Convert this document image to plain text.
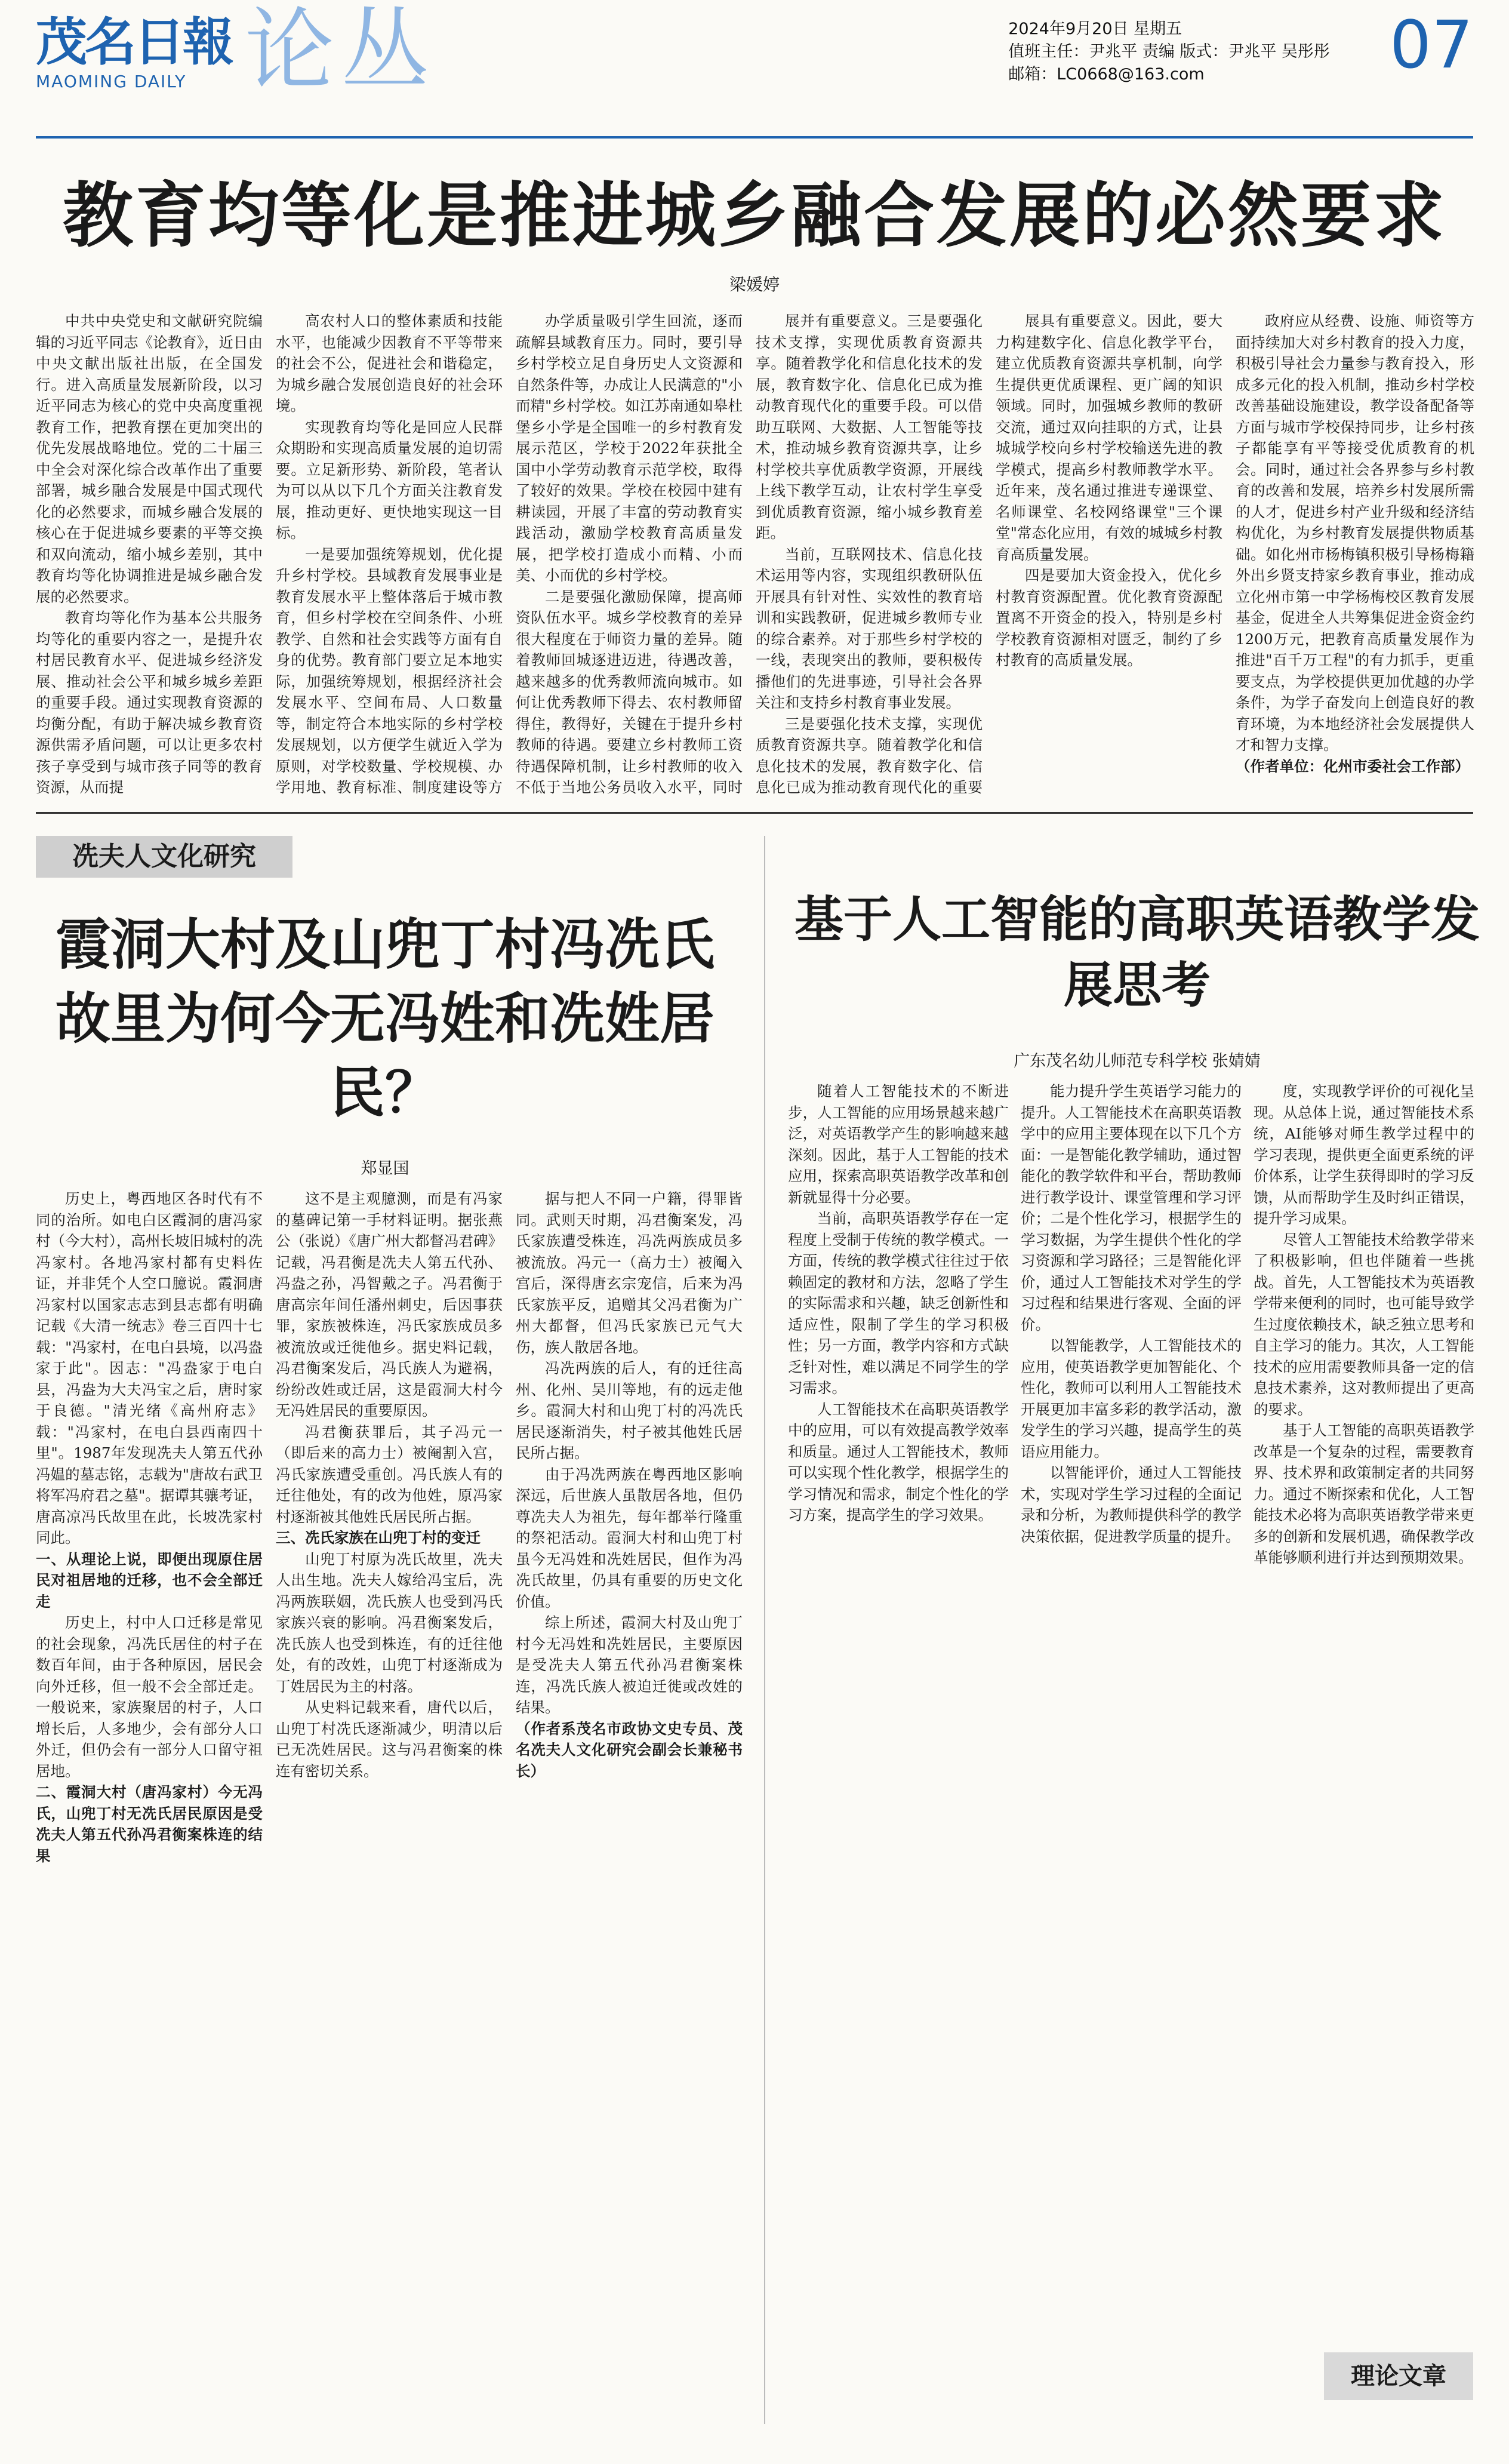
茂名日報
MAOMING DAILY 论丛	2024年9月20日 星期五
值班主任：尹兆平 责编 版式：尹兆平 吴彤彤
邮箱：LC0668@163.com	07
教育均等化是推进城乡融合发展的必然要求
梁媛婷

中共中央党史和文献研究院编辑的习近平同志《论教育》，近日由中央文献出版社出版，在全国发行。进入高质量发展新阶段，以习近平同志为核心的党中央高度重视教育工作，把教育摆在更加突出的优先发展战略地位。党的二十届三中全会对深化综合改革作出了重要部署，城乡融合发展是中国式现代化的必然要求，而城乡融合发展的核心在于促进城乡要素的平等交换和双向流动，缩小城乡差别，其中教育均等化协调推进是城乡融合发展的必然要求。

教育均等化作为基本公共服务均等化的重要内容之一，是提升农村居民教育水平、促进城乡经济发展、推动社会公平和城乡城乡差距的重要手段。通过实现教育资源的均衡分配，有助于解决城乡教育资源供需矛盾问题，可以让更多农村孩子享受到与城市孩子同等的教育资源，从而提

高农村人口的整体素质和技能水平，也能减少因教育不平等带来的社会不公，促进社会和谐稳定，为城乡融合发展创造良好的社会环境。

实现教育均等化是回应人民群众期盼和实现高质量发展的迫切需要。立足新形势、新阶段，笔者认为可以从以下几个方面关注教育发展，推动更好、更快地实现这一目标。

一是要加强统筹规划，优化提升乡村学校。县域教育发展事业是教育发展水平上整体落后于城市教育，但乡村学校在空间条件、小班教学、自然和社会实践等方面有自身的优势。教育部门要立足本地实际，加强统筹规划，根据经济社会发展水平、空间布局、人口数量等，制定符合本地实际的乡村学校发展规划，以方便学生就近入学为原则，对学校数量、学校规模、办学用地、教育标准、制度建设等方

办学质量吸引学生回流，逐而疏解县域教育压力。同时，要引导乡村学校立足自身历史人文资源和自然条件等，办成让人民满意的"小而精"乡村学校。如江苏南通如皋杜堡乡小学是全国唯一的乡村教育发展示范区，学校于2022年获批全国中小学劳动教育示范学校，取得了较好的效果。学校在校园中建有耕读园，开展了丰富的劳动教育实践活动，激励学校教育高质量发展，把学校打造成小而精、小而美、小而优的乡村学校。

二是要强化激励保障，提高师资队伍水平。城乡学校教育的差异很大程度在于师资力量的差异。随着教师回城逐进迈进，待遇改善，越来越多的优秀教师流向城市。如何让优秀教师下得去、农村教师留得住，教得好，关键在于提升乡村教师的待遇。要建立乡村教师工资待遇保障机制，让乡村教师的收入不低于当地公务员收入水平，同时

展并有重要意义。三是要强化技术支撑，实现优质教育资源共享。随着教学化和信息化技术的发展，教育数字化、信息化已成为推动教育现代化的重要手段。可以借助互联网、大数据、人工智能等技术，推动城乡教育资源共享，让乡村学校共享优质教学资源，开展线上线下教学互动，让农村学生享受到优质教育资源，缩小城乡教育差距。

当前，互联网技术、信息化技术运用等内容，实现组织教研队伍开展具有针对性、实效性的教育培训和实践教研，促进城乡教师专业的综合素养。对于那些乡村学校的一线，表现突出的教师，要积极传播他们的先进事迹，引导社会各界关注和支持乡村教育事业发展。

三是要强化技术支撑，实现优质教育资源共享。随着教学化和信息化技术的发展，教育数字化、信息化已成为推动教育现代化的重要

展具有重要意义。因此，要大力构建数字化、信息化教学平台，建立优质教育资源共享机制，向学生提供更优质课程、更广阔的知识领域。同时，加强城乡教师的教研交流，通过双向挂职的方式，让县城城学校向乡村学校输送先进的教学模式，提高乡村教师教学水平。近年来，茂名通过推进专递课堂、名师课堂、名校网络课堂"三个课堂"常态化应用，有效的城城乡村教育高质量发展。

四是要加大资金投入，优化乡村教育资源配置。优化教育资源配置离不开资金的投入，特别是乡村学校教育资源相对匮乏，制约了乡村教育的高质量发展。

政府应从经费、设施、师资等方面持续加大对乡村教育的投入力度，积极引导社会力量参与教育投入，形成多元化的投入机制，推动乡村学校改善基础设施建设，教学设备配备等方面与城市学校保持同步，让乡村孩子都能享有平等接受优质教育的机会。同时，通过社会各界参与乡村教育的改善和发展，培养乡村发展所需的人才，促进乡村产业升级和经济结构优化，为乡村教育发展提供物质基础。如化州市杨梅镇积极引导杨梅籍外出乡贤支持家乡教育事业，推动成立化州市第一中学杨梅校区教育发展基金，促进全人共筹集促进金资金约1200万元，把教育高质量发展作为推进"百千万工程"的有力抓手，更重要支点，为学校提供更加优越的办学条件，为学子奋发向上创造良好的教育环境，为本地经济社会发展提供人才和智力支撑。

（作者单位：化州市委社会工作部）

冼夫人文化研究
霞洞大村及山兜丁村冯冼氏故里为何今无冯姓和冼姓居民？
郑显国

历史上，粤西地区各时代有不同的治所。如电白区霞洞的唐冯家村（今大村），高州长坡旧城村的冼冯家村。各地冯家村都有史料佐证，并非凭个人空口臆说。霞洞唐冯家村以国家志志到县志都有明确记载《大清一统志》卷三百四十七载："冯家村，在电白县境，以冯盎家于此"。因志："冯盎家于电白县，冯盎为大夫冯宝之后，唐时家于良德。"清光绪《高州府志》载："冯家村，在电白县西南四十里"。1987年发现冼夫人第五代孙冯媪的墓志铭，志载为"唐故右武卫将军冯府君之墓"。据谭其骧考证，唐高凉冯氏故里在此，长坡冼家村同此。

一、从理论上说，即便出现原住居民对祖居地的迁移，也不会全部迁走

历史上，村中人口迁移是常见的社会现象，冯冼氏居住的村子在数百年间，由于各种原因，居民会向外迁移，但一般不会全部迁走。一般说来，家族聚居的村子，人口增长后，人多地少，会有部分人口外迁，但仍会有一部分人口留守祖居地。

二、霞洞大村（唐冯家村）今无冯氏，山兜丁村无冼氏居民原因是受冼夫人第五代孙冯君衡案株连的结果

这不是主观臆测，而是有冯家的墓碑记第一手材料证明。据张燕公（张说）《唐广州大都督冯君碑》记载，冯君衡是冼夫人第五代孙、冯盎之孙，冯智戴之子。冯君衡于唐高宗年间任潘州刺史，后因事获罪，家族被株连，冯氏家族成员多被流放或迁徙他乡。据史料记载，冯君衡案发后，冯氏族人为避祸，纷纷改姓或迁居，这是霞洞大村今无冯姓居民的重要原因。

冯君衡获罪后，其子冯元一（即后来的高力士）被阉割入宫，冯氏家族遭受重创。冯氏族人有的迁往他处，有的改为他姓，原冯家村逐渐被其他姓氏居民所占据。

三、冼氏家族在山兜丁村的变迁

山兜丁村原为冼氏故里，冼夫人出生地。冼夫人嫁给冯宝后，冼冯两族联姻，冼氏族人也受到冯氏家族兴衰的影响。冯君衡案发后，冼氏族人也受到株连，有的迁往他处，有的改姓，山兜丁村逐渐成为丁姓居民为主的村落。

从史料记载来看，唐代以后，山兜丁村冼氏逐渐减少，明清以后已无冼姓居民。这与冯君衡案的株连有密切关系。

据与把人不同一户籍，得罪皆同。武则天时期，冯君衡案发，冯氏家族遭受株连，冯冼两族成员多被流放。冯元一（高力士）被阉入宫后，深得唐玄宗宠信，后来为冯氏家族平反，追赠其父冯君衡为广州大都督，但冯氏家族已元气大伤，族人散居各地。

冯冼两族的后人，有的迁往高州、化州、吴川等地，有的远走他乡。霞洞大村和山兜丁村的冯冼氏居民逐渐消失，村子被其他姓氏居民所占据。

由于冯冼两族在粤西地区影响深远，后世族人虽散居各地，但仍尊冼夫人为祖先，每年都举行隆重的祭祀活动。霞洞大村和山兜丁村虽今无冯姓和冼姓居民，但作为冯冼氏故里，仍具有重要的历史文化价值。

综上所述，霞洞大村及山兜丁村今无冯姓和冼姓居民，主要原因是受冼夫人第五代孙冯君衡案株连，冯冼氏族人被迫迁徙或改姓的结果。

（作者系茂名市政协文史专员、茂名冼夫人文化研究会副会长兼秘书长）

基于人工智能的高职英语教学发展思考
广东茂名幼儿师范专科学校 张婧婧

随着人工智能技术的不断进步，人工智能的应用场景越来越广泛，对英语教学产生的影响越来越深刻。因此，基于人工智能的技术应用，探索高职英语教学改革和创新就显得十分必要。

当前，高职英语教学存在一定程度上受制于传统的教学模式。一方面，传统的教学模式往往过于依赖固定的教材和方法，忽略了学生的实际需求和兴趣，缺乏创新性和适应性，限制了学生的学习积极性；另一方面，教学内容和方式缺乏针对性，难以满足不同学生的学习需求。

人工智能技术在高职英语教学中的应用，可以有效提高教学效率和质量。通过人工智能技术，教师可以实现个性化教学，根据学生的学习情况和需求，制定个性化的学习方案，提高学生的学习效果。

能力提升学生英语学习能力的提升。人工智能技术在高职英语教学中的应用主要体现在以下几个方面：一是智能化教学辅助，通过智能化的教学软件和平台，帮助教师进行教学设计、课堂管理和学习评价；二是个性化学习，根据学生的学习数据，为学生提供个性化的学习资源和学习路径；三是智能化评价，通过人工智能技术对学生的学习过程和结果进行客观、全面的评价。

以智能教学，人工智能技术的应用，使英语教学更加智能化、个性化，教师可以利用人工智能技术开展更加丰富多彩的教学活动，激发学生的学习兴趣，提高学生的英语应用能力。

以智能评价，通过人工智能技术，实现对学生学习过程的全面记录和分析，为教师提供科学的教学决策依据，促进教学质量的提升。

度，实现教学评价的可视化呈现。从总体上说，通过智能技术系统，AI能够对师生教学过程中的学习表现，提供更全面更系统的评价体系，让学生获得即时的学习反馈，从而帮助学生及时纠正错误，提升学习成果。

尽管人工智能技术给教学带来了积极影响，但也伴随着一些挑战。首先，人工智能技术为英语教学带来便利的同时，也可能导致学生过度依赖技术，缺乏独立思考和自主学习的能力。其次，人工智能技术的应用需要教师具备一定的信息技术素养，这对教师提出了更高的要求。

基于人工智能的高职英语教学改革是一个复杂的过程，需要教育界、技术界和政策制定者的共同努力。通过不断探索和优化，人工智能技术必将为高职英语教学带来更多的创新和发展机遇，确保教学改革能够顺利进行并达到预期效果。

理论文章
